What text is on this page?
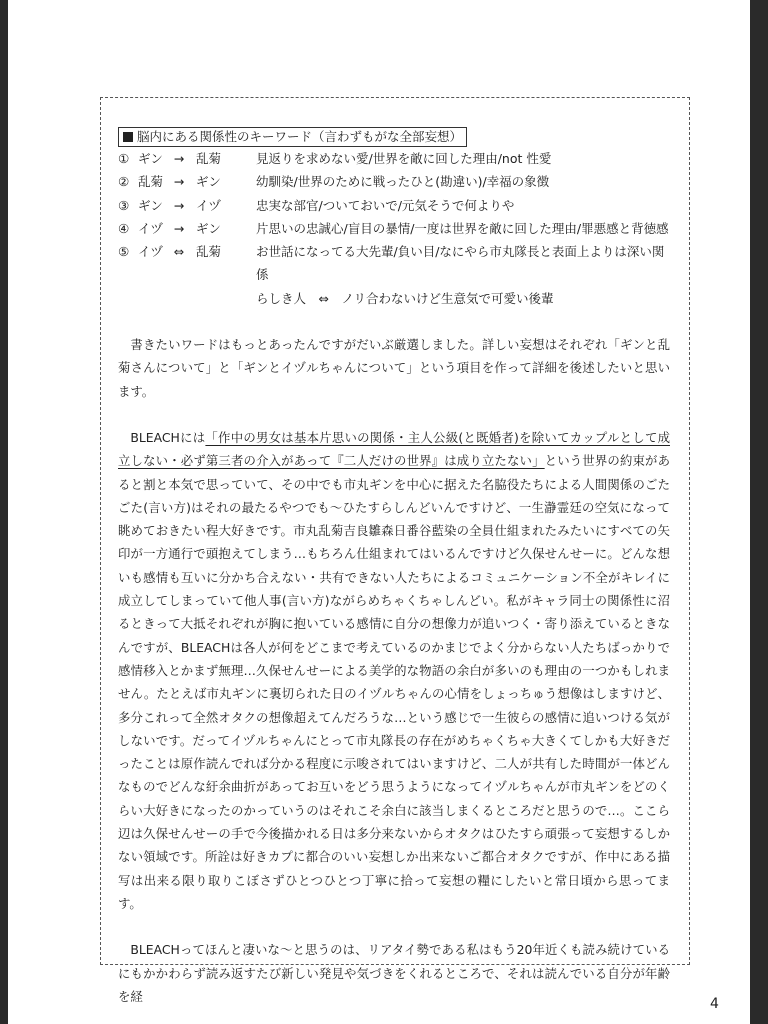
脳内にある関係性のキーワード（言わずもがな全部妄想）
① ギン → 乱菊	見返りを求めない愛/世界を敵に回した理由/not 性愛
② 乱菊 → ギン	幼馴染/世界のために戦ったひと(勘違い)/幸福の象徴
③ ギン → イヅ	忠実な部官/ついておいで/元気そうで何よりや
④ イヅ → ギン	片思いの忠誠心/盲目の暴情/一度は世界を敵に回した理由/罪悪感と背徳感
⑤ イヅ ⇔ 乱菊	お世話になってる大先輩/負い目/なにやら市丸隊長と表面上よりは深い関係
らしき人　⇔　ノリ合わないけど生意気で可愛い後輩

書きたいワードはもっとあったんですがだいぶ厳選しました。詳しい妄想はそれぞれ「ギンと乱菊さんについて」と「ギンとイヅルちゃんについて」という項目を作って詳細を後述したいと思います。

BLEACHには「作中の男女は基本片思いの関係・主人公級(と既婚者)を除いてカップルとして成立しない・必ず第三者の介入があって『二人だけの世界』は成り立たない」という世界の約束があると割と本気で思っていて、その中でも市丸ギンを中心に据えた名脇役たちによる人間関係のごたごた(言い方)はそれの最たるやつでも〜ひたすらしんどいんですけど、一生瀞霊廷の空気になって眺めておきたい程大好きです。市丸乱菊吉良雛森日番谷藍染の全員仕組まれたみたいにすべての矢印が一方通行で頭抱えてしまう…もちろん仕組まれてはいるんですけど久保せんせーに。どんな想いも感情も互いに分かち合えない・共有できない人たちによるコミュニケーション不全がキレイに成立してしまっていて他人事(言い方)ながらめちゃくちゃしんどい。私がキャラ同士の関係性に沼るときって大抵それぞれが胸に抱いている感情に自分の想像力が追いつく・寄り添えているときなんですが、BLEACHは各人が何をどこまで考えているのかまじでよく分からない人たちばっかりで感情移入とかまず無理…久保せんせーによる美学的な物語の余白が多いのも理由の一つかもしれません。たとえば市丸ギンに裏切られた日のイヅルちゃんの心情をしょっちゅう想像はしますけど、多分これって全然オタクの想像超えてんだろうな…という感じで一生彼らの感情に追いつける気がしないです。だってイヅルちゃんにとって市丸隊長の存在がめちゃくちゃ大きくてしかも大好きだったことは原作読んでれば分かる程度に示唆されてはいますけど、二人が共有した時間が一体どんなものでどんな紆余曲折があってお互いをどう思うようになってイヅルちゃんが市丸ギンをどのくらい大好きになったのかっていうのはそれこそ余白に該当しまくるところだと思うので…。ここら辺は久保せんせーの手で今後描かれる日は多分来ないからオタクはひたすら頑張って妄想するしかない領域です。所詮は好きカプに都合のいい妄想しか出来ないご都合オタクですが、作中にある描写は出来る限り取りこぼさずひとつひとつ丁寧に拾って妄想の糧にしたいと常日頃から思ってます。

BLEACHってほんと凄いな〜と思うのは、リアタイ勢である私はもう20年近くも読み続けているにもかかわらず読み返すたび新しい発見や気づきをくれるところで、それは読んでいる自分が年齢を経	4
